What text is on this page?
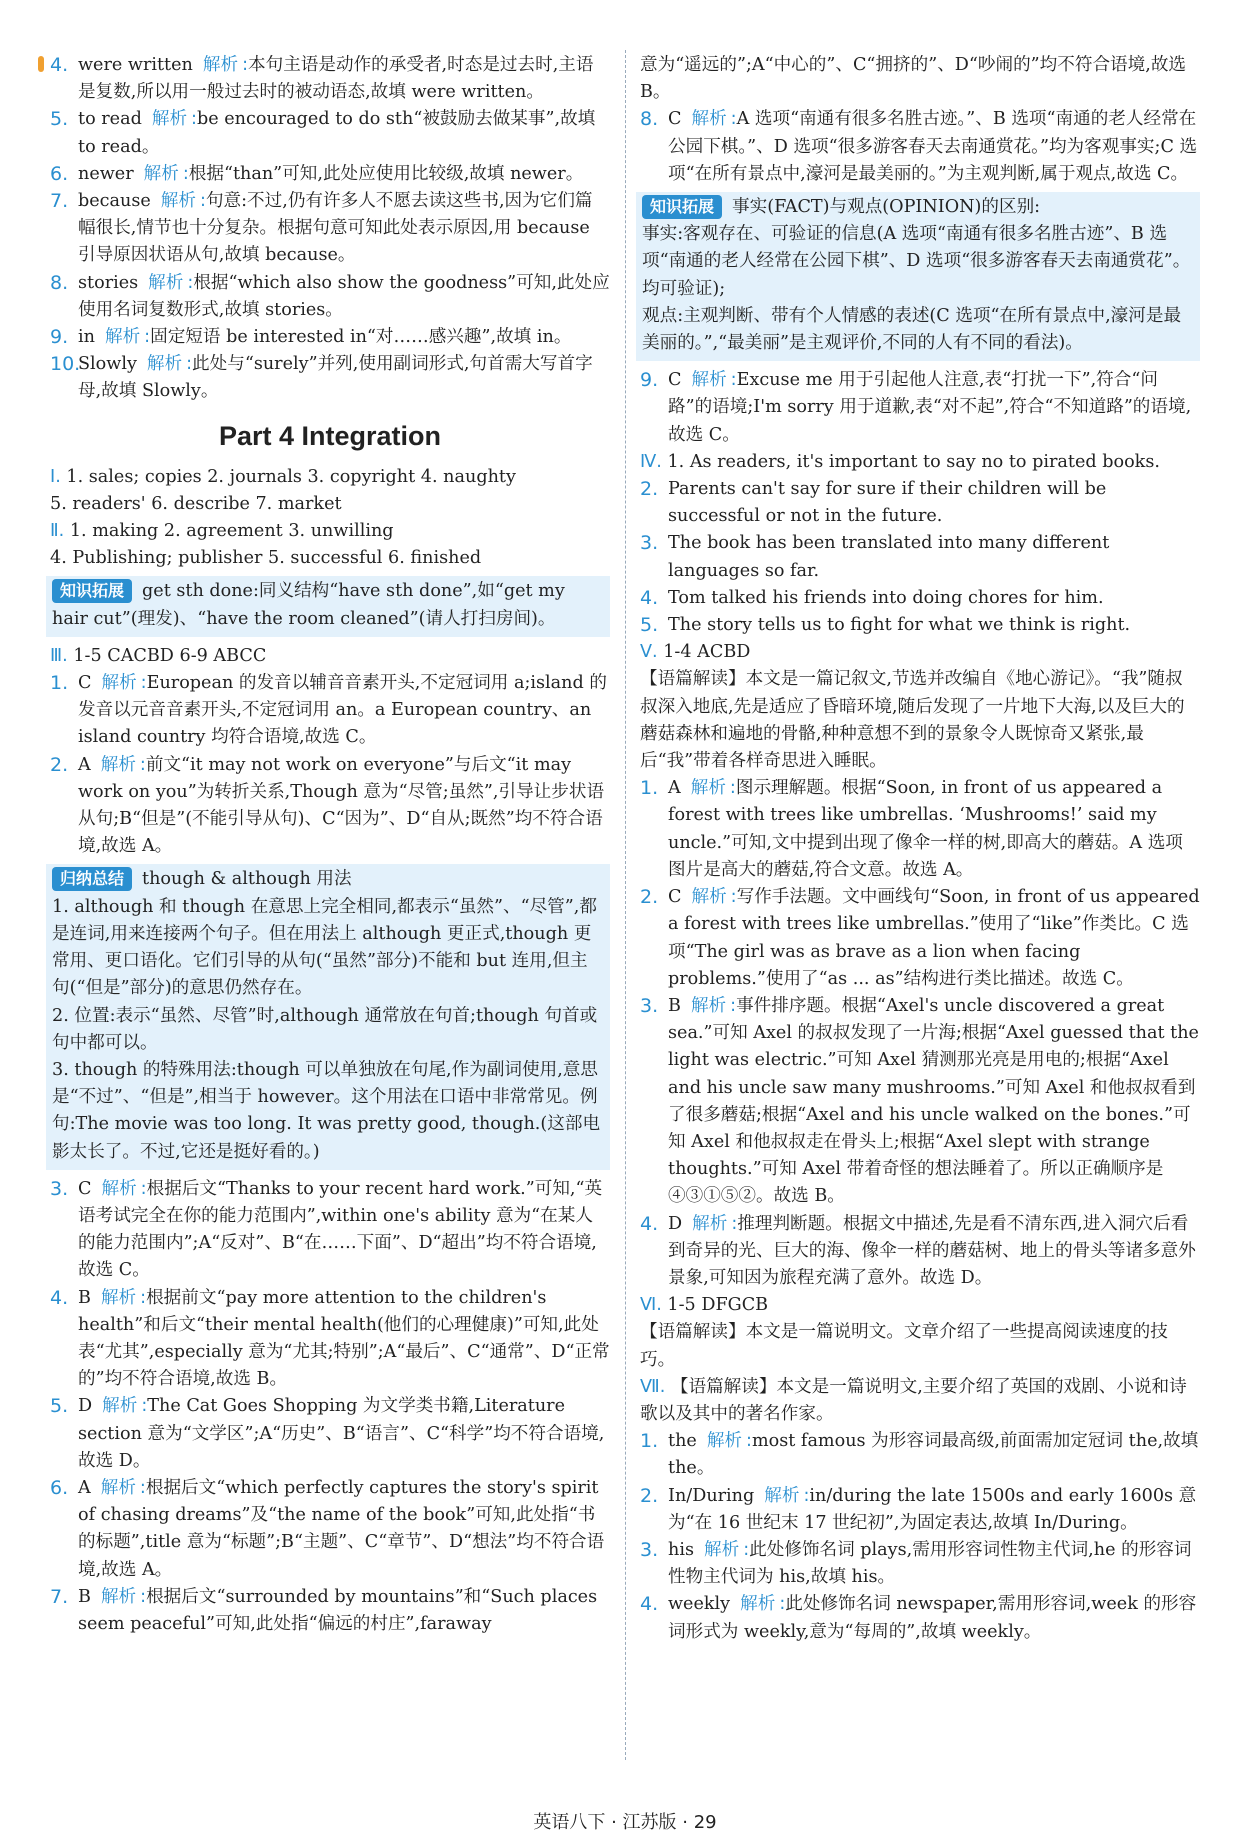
4. were written 解析 :本句主语是动作的承受者,时态是过去时,主语是复数,所以用一般过去时的被动语态,故填 were written。

5. to read 解析 :be encouraged to do sth“被鼓励去做某事”,故填 to read。

6. newer 解析 :根据“than”可知,此处应使用比较级,故填 newer。

7. because 解析 :句意:不过,仍有许多人不愿去读这些书,因为它们篇幅很长,情节也十分复杂。根据句意可知此处表示原因,用 because 引导原因状语从句,故填 because。

8. stories 解析 :根据“which also show the goodness”可知,此处应使用名词复数形式,故填 stories。

9. in 解析 :固定短语 be interested in“对……感兴趣”,故填 in。

10.
Slowly 解析 :此处与“surely”并列,使用副词形式,句首需大写首字母,故填 Slowly。

Part 4 Integration

Ⅰ. 1. sales; copies 2. journals 3. copyright 4. naughty

5. readers' 6. describe 7. market

Ⅱ. 1. making 2. agreement 3. unwilling

4. Publishing; publisher 5. successful 6. finished

知识拓展 get sth done:同义结构“have sth done”,如“get my hair cut”(理发)、“have the room cleaned”(请人打扫房间)。

Ⅲ. 1-5 CACBD 6-9 ABCC

1. C 解析 :European 的发音以辅音音素开头,不定冠词用 a;island 的发音以元音音素开头,不定冠词用 an。a European country、an island country 均符合语境,故选 C。

2. A 解析 :前文“it may not work on everyone”与后文“it may work on you”为转折关系,Though 意为“尽管;虽然”,引导让步状语从句;B“但是”(不能引导从句)、C“因为”、D“自从;既然”均不符合语境,故选 A。

归纳总结 though & although 用法

1. although 和 though 在意思上完全相同,都表示“虽然”、“尽管”,都是连词,用来连接两个句子。但在用法上 although 更正式,though 更常用、更口语化。它们引导的从句(“虽然”部分)不能和 but 连用,但主句(“但是”部分)的意思仍然存在。

2. 位置:表示“虽然、尽管”时,although 通常放在句首;though 句首或句中都可以。

3. though 的特殊用法:though 可以单独放在句尾,作为副词使用,意思是“不过”、“但是”,相当于 however。这个用法在口语中非常常见。例句:The movie was too long. It was pretty good, though.(这部电影太长了。不过,它还是挺好看的。)

3. C 解析 :根据后文“Thanks to your recent hard work.”可知,“英语考试完全在你的能力范围内”,within one's ability 意为“在某人的能力范围内”;A“反对”、B“在……下面”、D“超出”均不符合语境,故选 C。

4. B 解析 :根据前文“pay more attention to the children's health”和后文“their mental health(他们的心理健康)”可知,此处表“尤其”,especially 意为“尤其;特别”;A“最后”、C“通常”、D“正常的”均不符合语境,故选 B。

5. D 解析 :The Cat Goes Shopping 为文学类书籍,Literature section 意为“文学区”;A“历史”、B“语言”、C“科学”均不符合语境,故选 D。

6. A 解析 :根据后文“which perfectly captures the story's spirit of chasing dreams”及“the name of the book”可知,此处指“书的标题”,title 意为“标题”;B“主题”、C“章节”、D“想法”均不符合语境,故选 A。

7. B 解析 :根据后文“surrounded by mountains”和“Such places seem peaceful”可知,此处指“偏远的村庄”,faraway

意为“遥远的”;A“中心的”、C“拥挤的”、D“吵闹的”均不符合语境,故选 B。

8. C 解析 :A 选项“南通有很多名胜古迹。”、B 选项“南通的老人经常在公园下棋。”、D 选项“很多游客春天去南通赏花。”均为客观事实;C 选项“在所有景点中,濠河是最美丽的。”为主观判断,属于观点,故选 C。

知识拓展 事实(FACT)与观点(OPINION)的区别:

事实:客观存在、可验证的信息(A 选项“南通有很多名胜古迹”、B 选项“南通的老人经常在公园下棋”、D 选项“很多游客春天去南通赏花”。均可验证);

观点:主观判断、带有个人情感的表述(C 选项“在所有景点中,濠河是最美丽的。”,“最美丽”是主观评价,不同的人有不同的看法)。

9. C 解析 :Excuse me 用于引起他人注意,表“打扰一下”,符合“问路”的语境;I'm sorry 用于道歉,表“对不起”,符合“不知道路”的语境,故选 C。

Ⅳ. 1. As readers, it's important to say no to pirated books.

2. Parents can't say for sure if their children will be successful or not in the future.

3. The book has been translated into many different languages so far.

4. Tom talked his friends into doing chores for him.

5. The story tells us to fight for what we think is right.

Ⅴ. 1-4 ACBD

【语篇解读】本文是一篇记叙文,节选并改编自《地心游记》。“我”随叔叔深入地底,先是适应了昏暗环境,随后发现了一片地下大海,以及巨大的蘑菇森林和遍地的骨骼,种种意想不到的景象令人既惊奇又紧张,最后“我”带着各样奇思进入睡眠。

1. A 解析 :图示理解题。根据“Soon, in front of us appeared a forest with trees like umbrellas. ‘Mushrooms!’ said my uncle.”可知,文中提到出现了像伞一样的树,即高大的蘑菇。A 选项图片是高大的蘑菇,符合文意。故选 A。

2. C 解析 :写作手法题。文中画线句“Soon, in front of us appeared a forest with trees like umbrellas.”使用了“like”作类比。C 选项“The girl was as brave as a lion when facing problems.”使用了“as ... as”结构进行类比描述。故选 C。

3. B 解析 :事件排序题。根据“Axel's uncle discovered a great sea.”可知 Axel 的叔叔发现了一片海;根据“Axel guessed that the light was electric.”可知 Axel 猜测那光亮是用电的;根据“Axel and his uncle saw many mushrooms.”可知 Axel 和他叔叔看到了很多蘑菇;根据“Axel and his uncle walked on the bones.”可知 Axel 和他叔叔走在骨头上;根据“Axel slept with strange thoughts.”可知 Axel 带着奇怪的想法睡着了。所以正确顺序是④③①⑤②。故选 B。

4. D 解析 :推理判断题。根据文中描述,先是看不清东西,进入洞穴后看到奇异的光、巨大的海、像伞一样的蘑菇树、地上的骨头等诸多意外景象,可知因为旅程充满了意外。故选 D。

Ⅵ. 1-5 DFGCB

【语篇解读】本文是一篇说明文。文章介绍了一些提高阅读速度的技巧。

Ⅶ. 【语篇解读】本文是一篇说明文,主要介绍了英国的戏剧、小说和诗歌以及其中的著名作家。

1. the 解析 :most famous 为形容词最高级,前面需加定冠词 the,故填 the。

2. In/During 解析 :in/during the late 1500s and early 1600s 意为“在 16 世纪末 17 世纪初”,为固定表达,故填 In/During。

3. his 解析 :此处修饰名词 plays,需用形容词性物主代词,he 的形容词性物主代词为 his,故填 his。

4. weekly 解析 :此处修饰名词 newspaper,需用形容词,week 的形容词形式为 weekly,意为“每周的”,故填 weekly。

英语八下 · 江苏版 · 29
